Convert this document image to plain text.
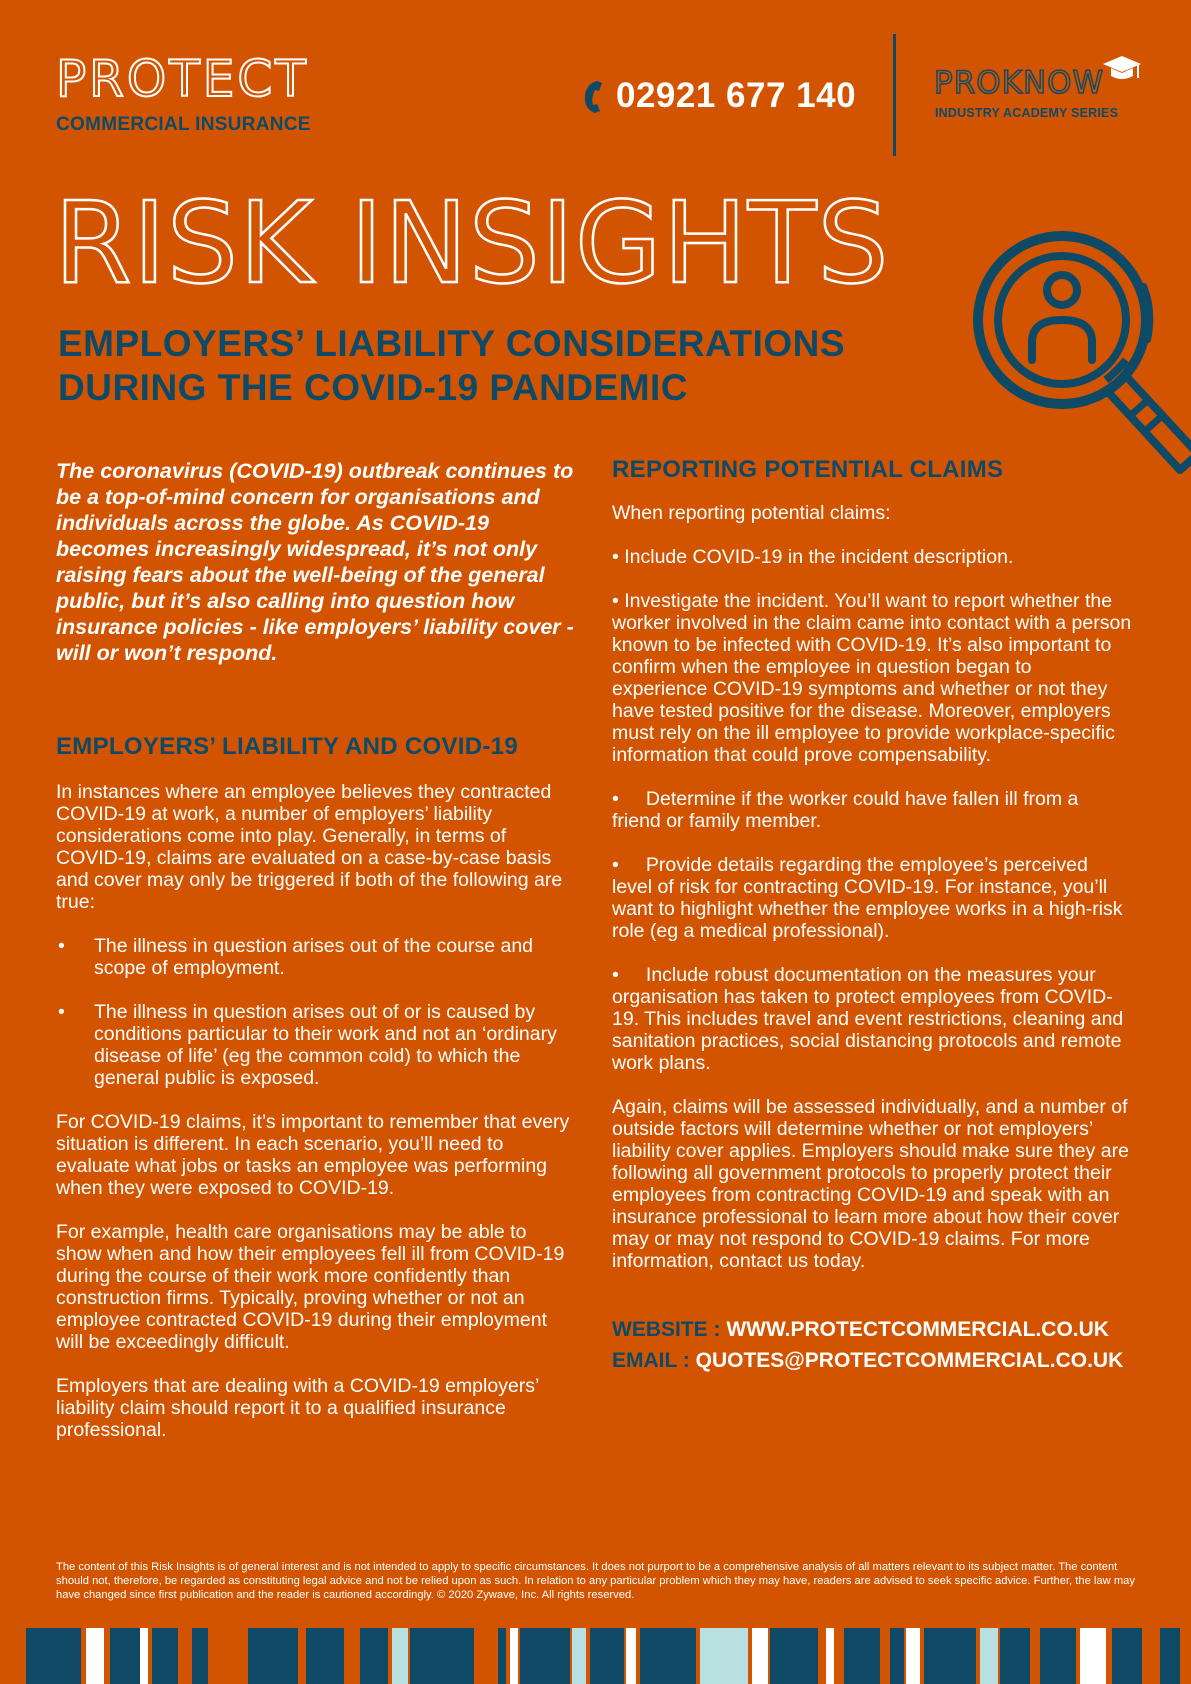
PROTECT
COMMERCIAL INSURANCE
02921 677 140	PROKNOW
INDUSTRY ACADEMY SERIES
RISK INSIGHTS
EMPLOYERS’ LIABILITY CONSIDERATIONS
DURING THE COVID-19 PANDEMIC
The coronavirus (COVID-19) outbreak continues to be a top-of-mind concern for organisations and individuals across the globe. As COVID-19 becomes increasingly widespread, it’s not only raising fears about the well-being of the general public, but it’s also calling into question how insurance policies - like employers’ liability cover - will or won’t respond.
EMPLOYERS’ LIABILITY AND COVID-19

In instances where an employee believes they contracted COVID-19 at work, a number of employers’ liability considerations come into play. Generally, in terms of COVID-19, claims are evaluated on a case-by-case basis and cover may only be triggered if both of the following are true:

• The illness in question arises out of the course and scope of employment.
• The illness in question arises out of or is caused by conditions particular to their work and not an ‘ordinary disease of life’ (eg the common cold) to which the general public is exposed.

For COVID-19 claims, it’s important to remember that every situation is different. In each scenario, you’ll need to evaluate what jobs or tasks an employee was performing when they were exposed to COVID-19.

For example, health care organisations may be able to show when and how their employees fell ill from COVID-19 during the course of their work more confidently than construction firms. Typically, proving whether or not an employee contracted COVID-19 during their employment will be exceedingly difficult.

Employers that are dealing with a COVID-19 employers’ liability claim should report it to a qualified insurance professional.

REPORTING POTENTIAL CLAIMS

When reporting potential claims:

• Include COVID-19 in the incident description.

• Investigate the incident. You’ll want to report whether the worker involved in the claim came into contact with a person known to be infected with COVID-19. It’s also important to confirm when the employee in question began to experience COVID-19 symptoms and whether or not they have tested positive for the disease. Moreover, employers must rely on the ill employee to provide workplace-specific information that could prove compensability.

•     Determine if the worker could have fallen ill from a friend or family member.

•     Provide details regarding the employee’s perceived level of risk for contracting COVID-19. For instance, you’ll want to highlight whether the employee works in a high-risk role (eg a medical professional).

•     Include robust documentation on the measures your organisation has taken to protect employees from COVID-19. This includes travel and event restrictions, cleaning and sanitation practices, social distancing protocols and remote work plans.

Again, claims will be assessed individually, and a number of outside factors will determine whether or not employers’ liability cover applies. Employers should make sure they are following all government protocols to properly protect their employees from contracting COVID-19 and speak with an insurance professional to learn more about how their cover may or may not respond to COVID-19 claims. For more information, contact us today.

WEBSITE : WWW.PROTECTCOMMERCIAL.CO.UK
EMAIL : QUOTES@PROTECTCOMMERCIAL.CO.UK
The content of this Risk Insights is of general interest and is not intended to apply to specific circumstances. It does not purport to be a comprehensive analysis of all matters relevant to its subject matter. The content should not, therefore, be regarded as constituting legal advice and not be relied upon as such. In relation to any particular problem which they may have, readers are advised to seek specific advice. Further, the law may have changed since first publication and the reader is cautioned accordingly. © 2020 Zywave, Inc. All rights reserved.
